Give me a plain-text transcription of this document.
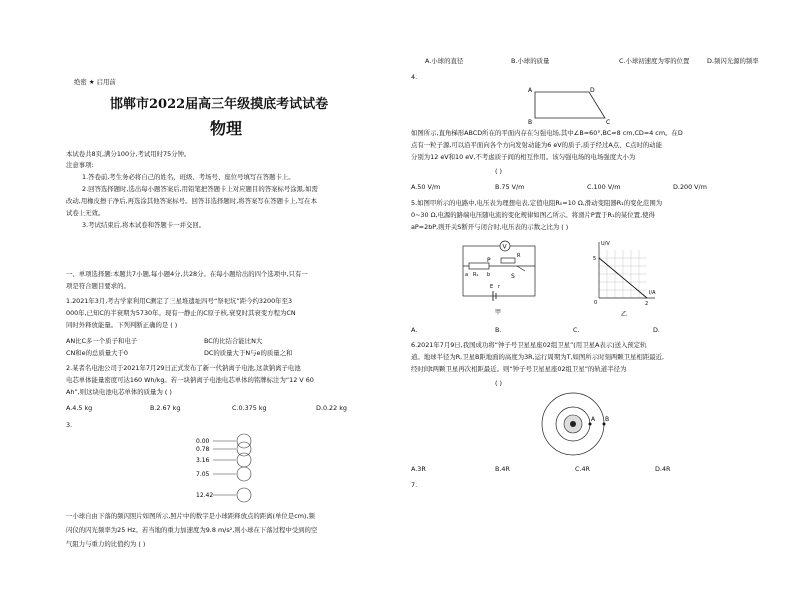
绝密 ★ 启用前
邯郸市2022届高三年级摸底考试试卷
物理
本试卷共8页,满分100分,考试用时75分钟。
注意事项:
1.答卷前,考生务必将自己的姓名、班级、考场号、座位号填写在答题卡上。
2.回答选择题时,选出每小题答案后,用铅笔把答题卡上对应题目的答案标号涂黑,如需
改动,用橡皮擦干净后,再选涂其他答案标号。回答非选择题时,将答案写在答题卡上,写在本
试卷上无效。
3.考试结束后,将本试卷和答题卡一并交回。
一、单项选择题:本题共7小题,每小题4分,共28分。在每小题给出的四个选项中,只有一
项是符合题目要求的。
1.2021年3月,考古学家利用C测定了三星堆遗址四号“祭祀坑”距今约3200年至3
000年,已知C的半衰期为5730年。现有一静止的C原子核,衰变时其衰变方程为CN
同时外释放能量。下列判断正确的是 ( )
AN比C多一个质子和电子	BC的比结合能比N大
CN和e的总质量大于0	DC的质量大于N与e的质量之和
2.某者名电池公司于2021年7月29日正式发布了新一代钠离子电池,这款钠离子电池
电芯单体能量密度可达160 Wh/kg。若一块钠离子电池电芯单体的铭牌标注为“12 V 60
Ah”,则这块电池电芯单体的质量为 ( )
A.4.5 kg	B.2.67 kg	C.0.375 kg	D.0.22 kg
3.
0.00
0.78
3.16
7.05
12.42
一小球自由下落的频闪照片如图所示,照片中的数字是小球距释放点的距离(单位是cm),频
闪仪的闪光频率为25 Hz。若当地的重力加速度为9.8 m/s²,则小球在下落过程中受到的空
气阻力与重力的比值约为 ( )
A.小球的直径	B.小球的质量	C.小球初速度为零的位置	D.频闪光源的频率
4.
A	D
B	C
如图所示,直角梯形ABCD所在的平面内存在匀强电场,其中∠B=60°,BC=8 cm,CD=4 cm。在D
点有一粒子源,可以沿平面向各个方向发射动能为6 eV的质子,质子经过A点、C点时的动能
分别为12 eV和10 eV,不考虑质子间的相互作用。该匀强电场的电场强度大小为
( )
A.50 V/m	B.75 V/m	C.100 V/m	D.200 V/m
5.如图甲所示的电路中,电压表为理想电表,定值电阻R₀=10 Ω,滑动变阻器R₁的变化范围为
0~30 Ω,电源的路端电压随电流的变化规律如图乙所示。将滑片P置于R₁的某位置,使得
aP=2bP,则开关S断开与闭合时,电压表的示数之比为 ( )
V
P
R
a	b
R₁	S
E r
甲
U/V
I/A
5
0	2
乙
A.	B.	C.	D.
6.2021年7月9日,我国成功将“钟子号卫星星座02组卫星”(用卫星A表示)送入预定轨
道。地球半径为R,卫星B距地面的高度为3R,运行周期为T,如图所示时刻两颗卫星相距最近,
经时间t两颗卫星再次相距最近。则“钟子号卫星星座02组卫星”的轨道半径为
( )
A B
A.3R	B.4R	C.4R	D.4R
7.
